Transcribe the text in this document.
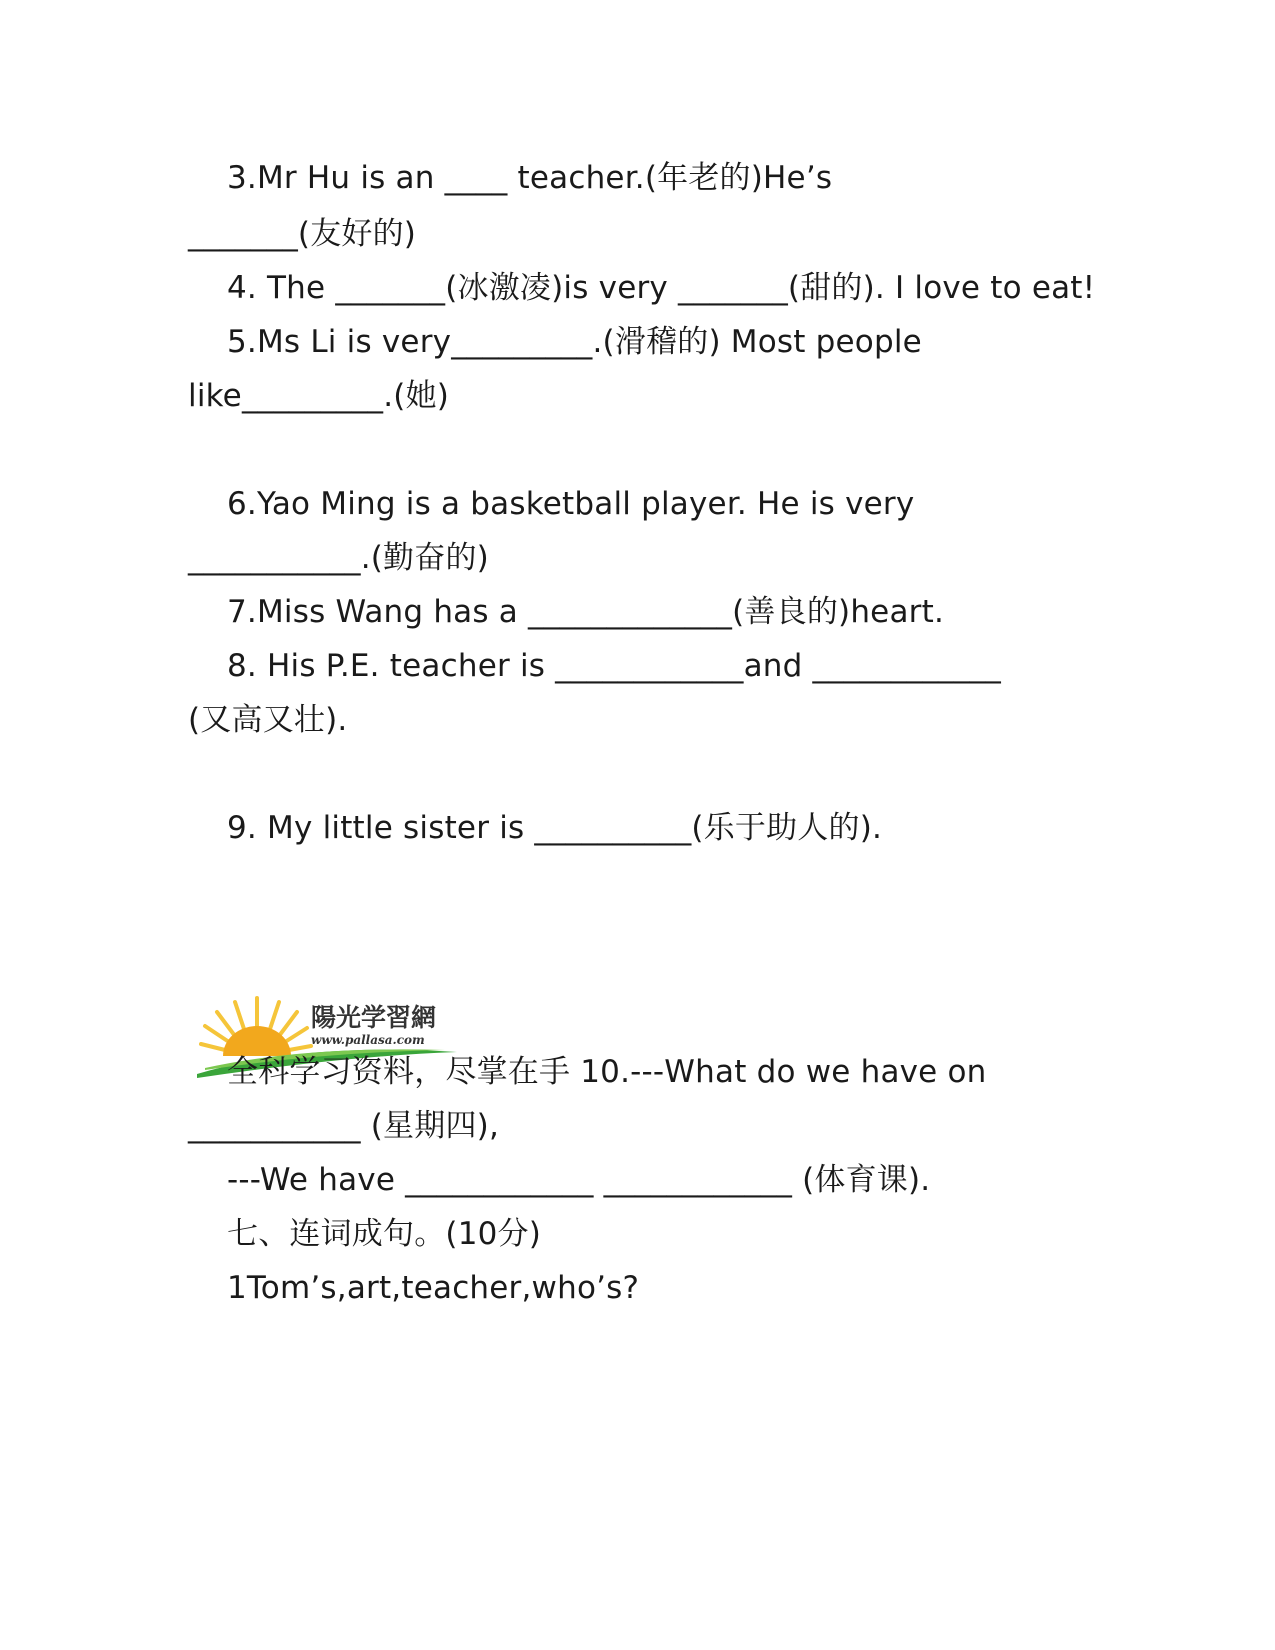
3.Mr Hu is an ____ teacher.(年老的)He’s
_______(友好的)
4. The _______(冰激凌)is very _______(甜的). I love to eat!
5.Ms Li is very_________.(滑稽的) Most people
like_________.(她)
6.Yao Ming is a basketball player. He is very
___________.(勤奋的)
7.Miss Wang has a _____________(善良的)heart.
8. His P.E. teacher is ____________and ____________
(又高又壮).
9. My little sister is __________(乐于助人的).
陽光学習網
www.pallasa.com
全科学习资料，尽掌在手 10.---What do we have on
___________ (星期四),
---We have ____________ ____________ (体育课).
七、连词成句。(10分)
1Tom’s,art,teacher,who’s?
